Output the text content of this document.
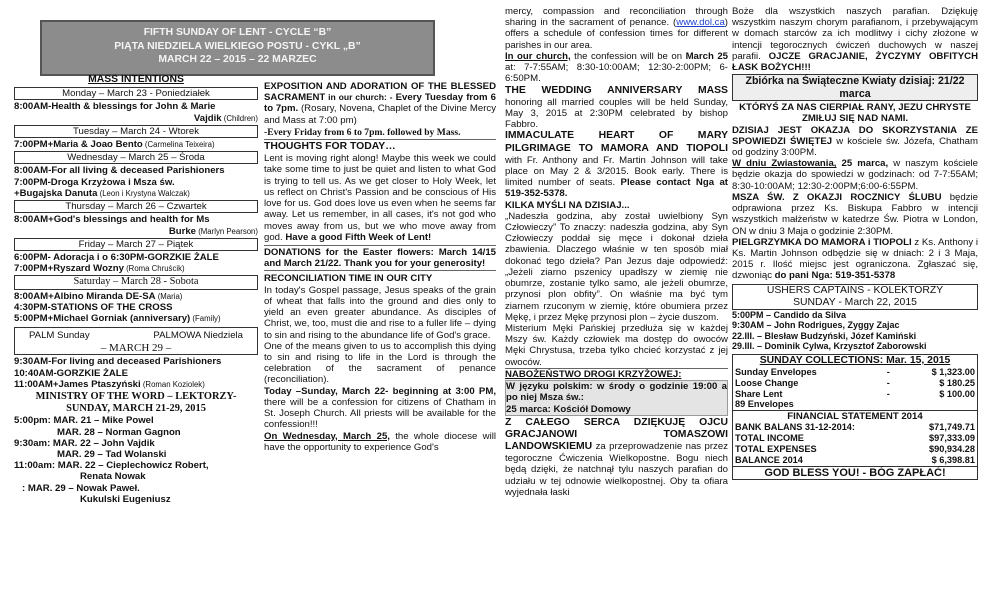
FIFTH SUNDAY OF LENT - CYCLE “B”
PIĄTA NIEDZIELA WIELKIEGO POSTU - CYKL „B”
MARCH 22 – 2015 – 22 MARZEC
MASS INTENTIONS
Monday – March 23 - Poniedziałek
8:00AM-Health & blessings for John & Marie
Vajdik (Children)
Tuesday – March 24 - Wtorek
7:00PM+Maria & Joao Bento (Carmelina Teixeira)
Wednesday – March 25 – Środa
8:00AM-For all living & deceased Parishioners
7:00PM-Droga Krzyżowa i Msza św.
+Bugajska Danuta (Leon i Krystyna Walczak)
Thursday – March 26 – Czwartek
8:00AM+God's blessings and health for Ms
Burke (Marlyn Pearson)
Friday – March 27 – Piątek
6:00PM- Adoracja i o 6:30PM-GORZKIE ŻALE
7:00PM+Ryszard Wozny (Roma Chruścik)
Saturday – March 28 - Sobota
8:00AM+Albino Miranda DE-SA (Maria)
4:30PM-STATIONS OF THE CROSS
5:00PM+Michael Gorniak (anniversary) (Family)
PALM Sunday	PALMOWA Niedziela
– MARCH 29 –
9:30AM-For living and deceased Parishioners
10:40AM-GORZKIE ŻALE
11:00AM+James Ptaszyński (Roman Koziolek)
MINISTRY OF THE WORD – LEKTORZY-
SUNDAY, MARCH 21-29, 2015
5:00pm: MAR. 21 – Mike Powel
MAR. 28 – Norman Gagnon
9:30am: MAR. 22 – John Vajdik
MAR. 29 – Tad Wolanski
11:00am: MAR. 22 – Cieplechowicz Robert,
Renata Nowak
: MAR. 29 – Nowak Paweł.
Kukulski Eugeniusz
EXPOSITION AND ADORATION OF THE BLESSED SACRAMENT in our church: - Every Tuesday from 6 to 7pm. (Rosary, Novena, Chaplet of the Divine Mercy and Mass at 7:00 pm)
-Every Friday from 6 to 7pm. followed by Mass.
THOUGHTS FOR TODAY…
Lent is moving right along! Maybe this week we could take some time to just be quiet and listen to what God is trying to tell us. As we get closer to Holy Week, let us reflect on Christ's Passion and be conscious of His love for us. God does love us even when he seems far away. Let us remember, in all cases, it's not god who moves away from us, but we who move away from god. Have a good Fifth Week of Lent!
DONATIONS for the Easter flowers: March 14/15 and March 21/22. Thank you for your generosity!
RECONCILIATION TIME IN OUR CITY
In today's Gospel passage, Jesus speaks of the grain of wheat that falls into the ground and dies only to yield an even greater abundance. As disciples of Christ, we, too, must die and rise to a fuller life – dying to sin and rising to the abundance life of God's grace.
One of the means given to us to accomplish this dying to sin and rising to life in the Lord is through the celebration of the sacrament of penance (reconciliation).
Today –Sunday, March 22- beginning at 3:00 PM, there will be a confession for citizens of Chatham in St. Joseph Church. All priests will be available for the confession!!!
On Wednesday, March 25, the whole diocese will have the opportunity to experience God's
mercy, compassion and reconciliation through sharing in the sacrament of penance. (www.dol.ca) offers a schedule of confession times for different parishes in our area.
In our church, the confession will be on March 25 at: 7-7:55AM; 8:30-10:00AM; 12:30-2:00PM; 6-6:50PM.
THE WEDDING ANNIVERSARY MASS honoring all married couples will be held Sunday, May 3, 2015 at 2:30PM celebrated by bishop Fabbro.
IMMACULATE HEART OF MARY PILGRIMAGE TO MAMORA AND TIOPOLI with Fr. Anthony and Fr. Martin Johnson will take place on May 2 & 3/2015. Book early. There is limited number of seats. Please contact Nga at 519-352-5378.
KILKA MYŚLI NA DZISIAJ...
„Nadeszła godzina, aby został uwielbiony Syn Człowieczy” To znaczy: nadeszła godzina, aby Syn Człowieczy poddał się męce i dokonał dzieła zbawienia. Dlaczego właśnie w ten sposób miał dokonać tego dzieła? Pan Jezus daje odpowiedź: „Jeżeli ziarno pszenicy upadłszy w ziemię nie obumrze, zostanie tylko samo, ale jeżeli obumrze, przynosi plon obfity”. On właśnie ma być tym ziarnem rzuconym w ziemię, które obumiera przez Mękę, i przez Mękę przynosi plon – życie duszom.
Misterium Męki Pańskiej przedłuża się w każdej Mszy św. Każdy człowiek ma dostęp do owoców Męki Chrystusa, trzeba tylko chcieć korzystać z jej owoców.
NABOŻEŃSTWO DROGI KRZYŻOWEJ:
W języku polskim: w środy o godzinie 19:00 a po niej Msza św.:
25 marca: Kościół Domowy
Z CAŁEGO SERCA DZIĘKUJĘ OJCU GRACJANOWI TOMASZOWI LANDOWSKIEMU za przeprowadzenie nas przez tegoroczne Ćwiczenia Wielkopostne. Bogu niech będą dzięki, że natchnął tylu naszych parafian do udziału w tej odnowie wielkopostnej. Oby ta ofiara wyjednała łaski
Boże dla wszystkich naszych parafian. Dziękuję wszystkim naszym chorym parafianom, i przebywającym w domach starców za ich modlitwy i cichy złożone w intencji tegorocznych ćwiczeń duchowych w naszej parafii. OJCZE GRACJANIE, ŻYCZYMY OBFITYCH ŁASK BOŻYCH!!!
Zbiórka na Świąteczne Kwiaty dzisiaj: 21/22 marca
KTÓRYŚ ZA NAS CIERPIAŁ RANY, JEZU CHRYSTE ZMIŁUJ SIĘ NAD NAMI.
DZISIAJ JEST OKAZJA DO SKORZYSTANIA ZE SPOWIEDZI ŚWIĘTEJ w kościele św. Józefa, Chatham od godziny 3:00PM.
W dniu Zwiastowania, 25 marca, w naszym kościele będzie okazja do spowiedzi w godzinach: od 7-7:55AM; 8:30-10:00AM; 12:30-2:00PM;6:00-6:55PM.
MSZA ŚW. Z OKAZJI ROCZNICY ŚLUBU będzie odprawiona przez Ks. Biskupa Fabbro w intencji wszystkich małżeństw w katedrze Św. Piotra w London, ON w dniu 3 Maja o godzinie 2:30PM.
PIELGRZYMKA DO MAMORA i TIOPOLI z Ks. Anthony i Ks. Martin Johnson odbędzie się w dniach: 2 i 3 Maja, 2015 r. Ilość miejsc jest ograniczona. Zgłaszać się, dzwoniąc do pani Nga: 519-351-5378
USHERS CAPTAINS - KOLEKTORZY
SUNDAY - March 22, 2015
5:00PM – Candido da Silva
9:30AM – John Rodrigues, Zyggy Zajac
22.III. – Blesław Budzyński, Józef Kamiński
29.III. – Dominik Cylwa, Krzysztof Zaborowski
SUNDAY COLLECTIONS: Mar. 15, 2015
Sunday Envelopes	-	$ 1,323.00
Loose Change	-	$ 180.25
Share Lent	-	$ 100.00
89 Envelopes		
FINANCIAL STATEMENT 2014
BANK BALANS 31-12-2014:	$71,749.71
TOTAL INCOME	$97,333.09
TOTAL EXPENSES	$90,934.28
BALANCE 2014	$ 6,398.81
GOD BLESS YOU! - BÓG ZAPŁAĆ!
